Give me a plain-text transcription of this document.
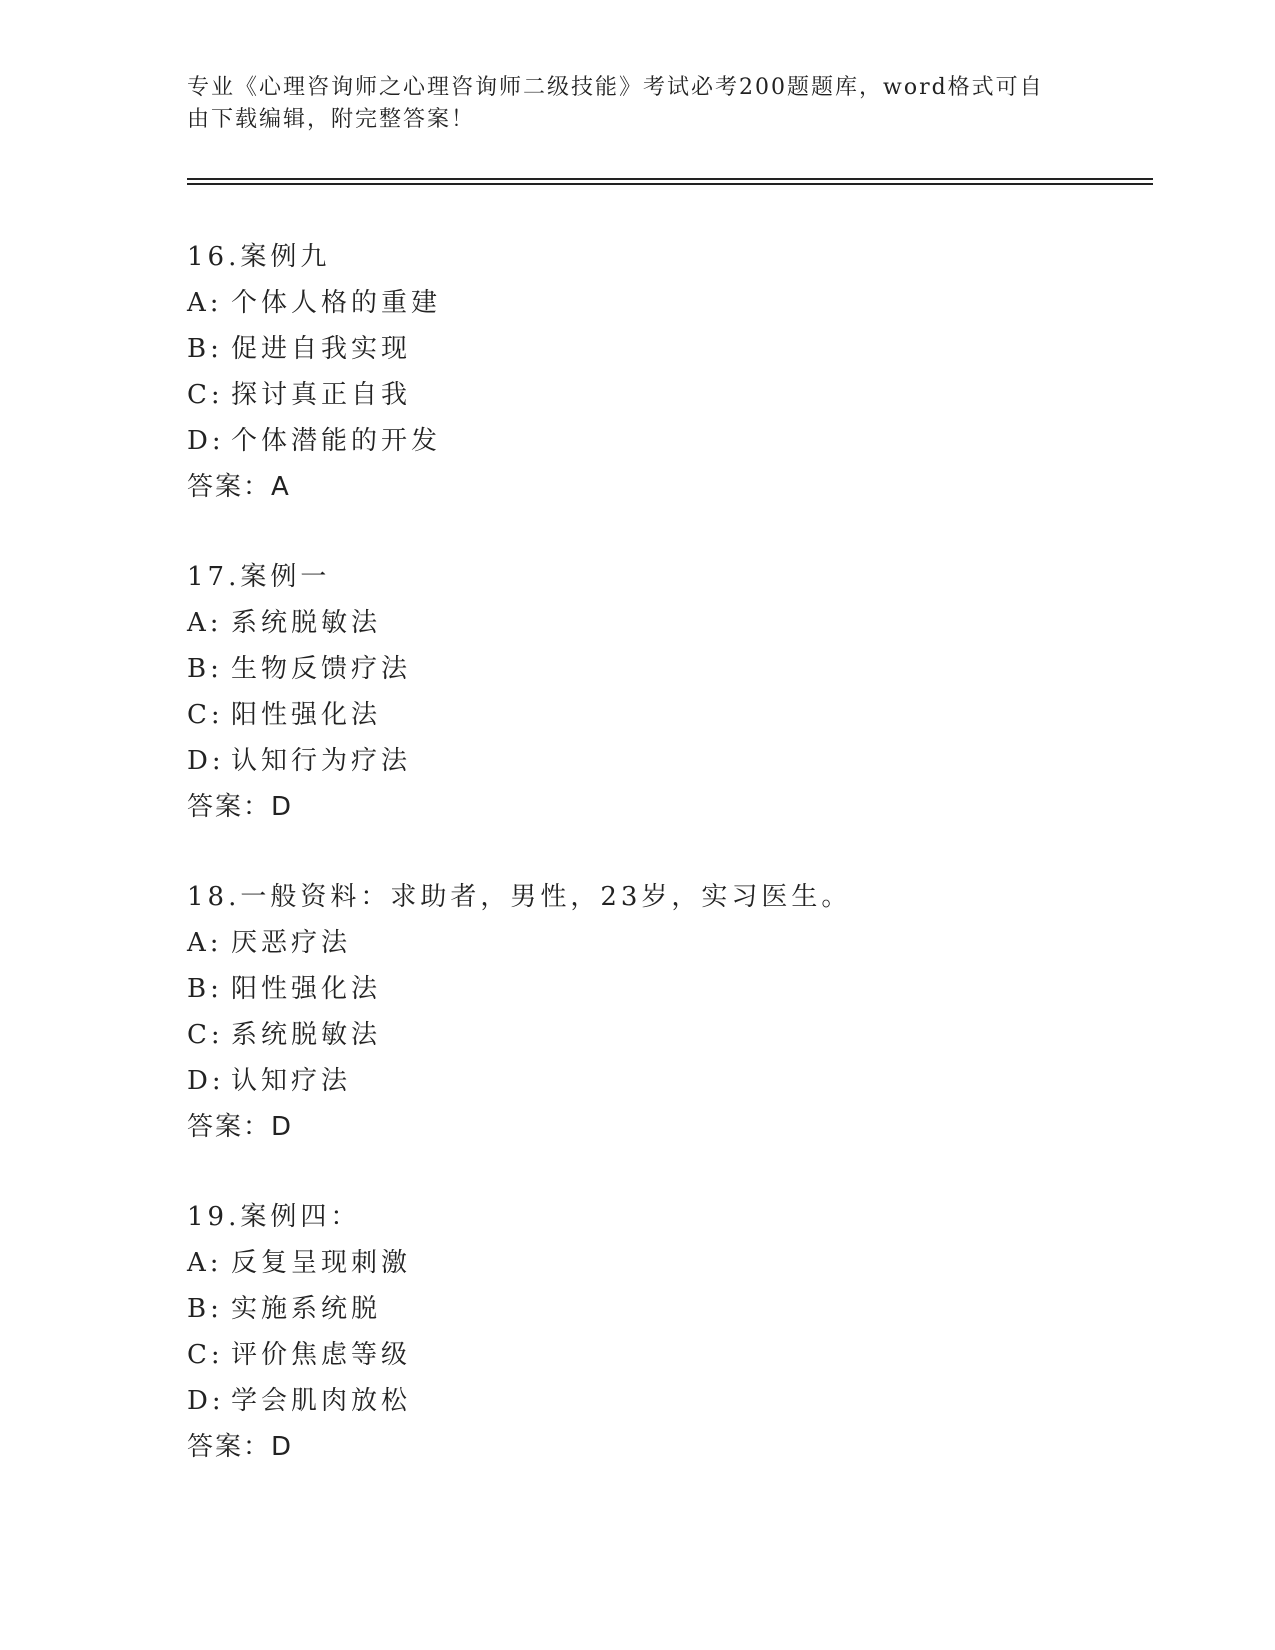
专业《心理咨询师之心理咨询师二级技能》考试必考200题题库，word格式可自由下载编辑，附完整答案！
16.案例九
A: 个体人格的重建
B: 促进自我实现
C: 探讨真正自我
D: 个体潜能的开发
答案：A
17.案例一
A: 系统脱敏法
B: 生物反馈疗法
C: 阳性强化法
D: 认知行为疗法
答案：D
18.一般资料：求助者，男性，23岁，实习医生。
A: 厌恶疗法
B: 阳性强化法
C: 系统脱敏法
D: 认知疗法
答案：D
19.案例四：
A: 反复呈现刺激
B: 实施系统脱
C: 评价焦虑等级
D: 学会肌肉放松
答案：D
